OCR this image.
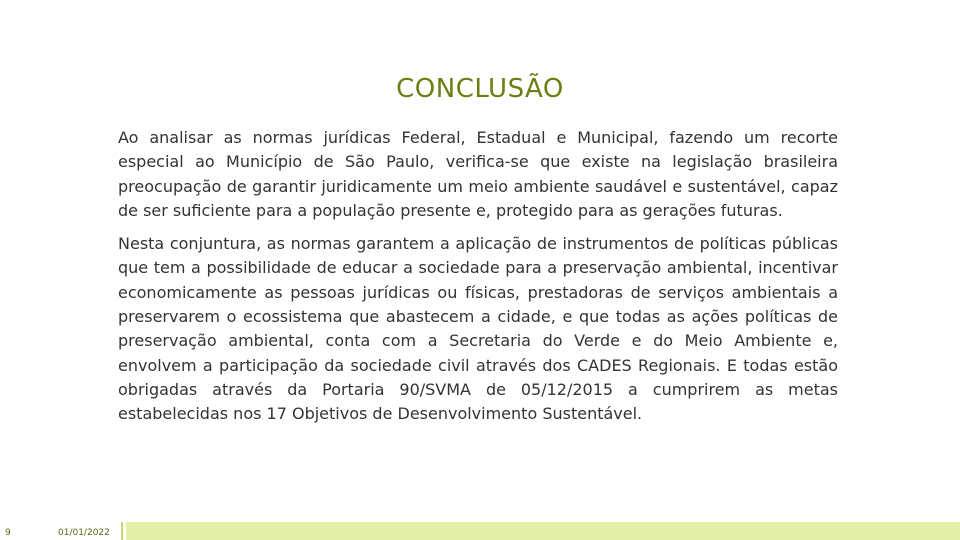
CONCLUSÃO

Ao analisar as normas jurídicas Federal, Estadual e Municipal, fazendo um recorte especial ao Município de São Paulo, verifica-se que existe na legislação brasileira preocupação de garantir juridicamente um meio ambiente saudável e sustentável, capaz de ser suficiente para a população presente e, protegido para as gerações futuras.

Nesta conjuntura, as normas garantem a aplicação de instrumentos de políticas públicas que tem a possibilidade de educar a sociedade para a preservação ambiental, incentivar economicamente as pessoas jurídicas ou físicas, prestadoras de serviços ambientais a preservarem o ecossistema que abastecem a cidade, e que todas as ações políticas de preservação ambiental, conta com a Secretaria do Verde e do Meio Ambiente e, envolvem a participação da sociedade civil através dos CADES Regionais. E todas estão obrigadas através da Portaria 90/SVMA de 05/12/2015 a cumprirem as metas estabelecidas nos 17 Objetivos de Desenvolvimento Sustentável.

9	01/01/2022
